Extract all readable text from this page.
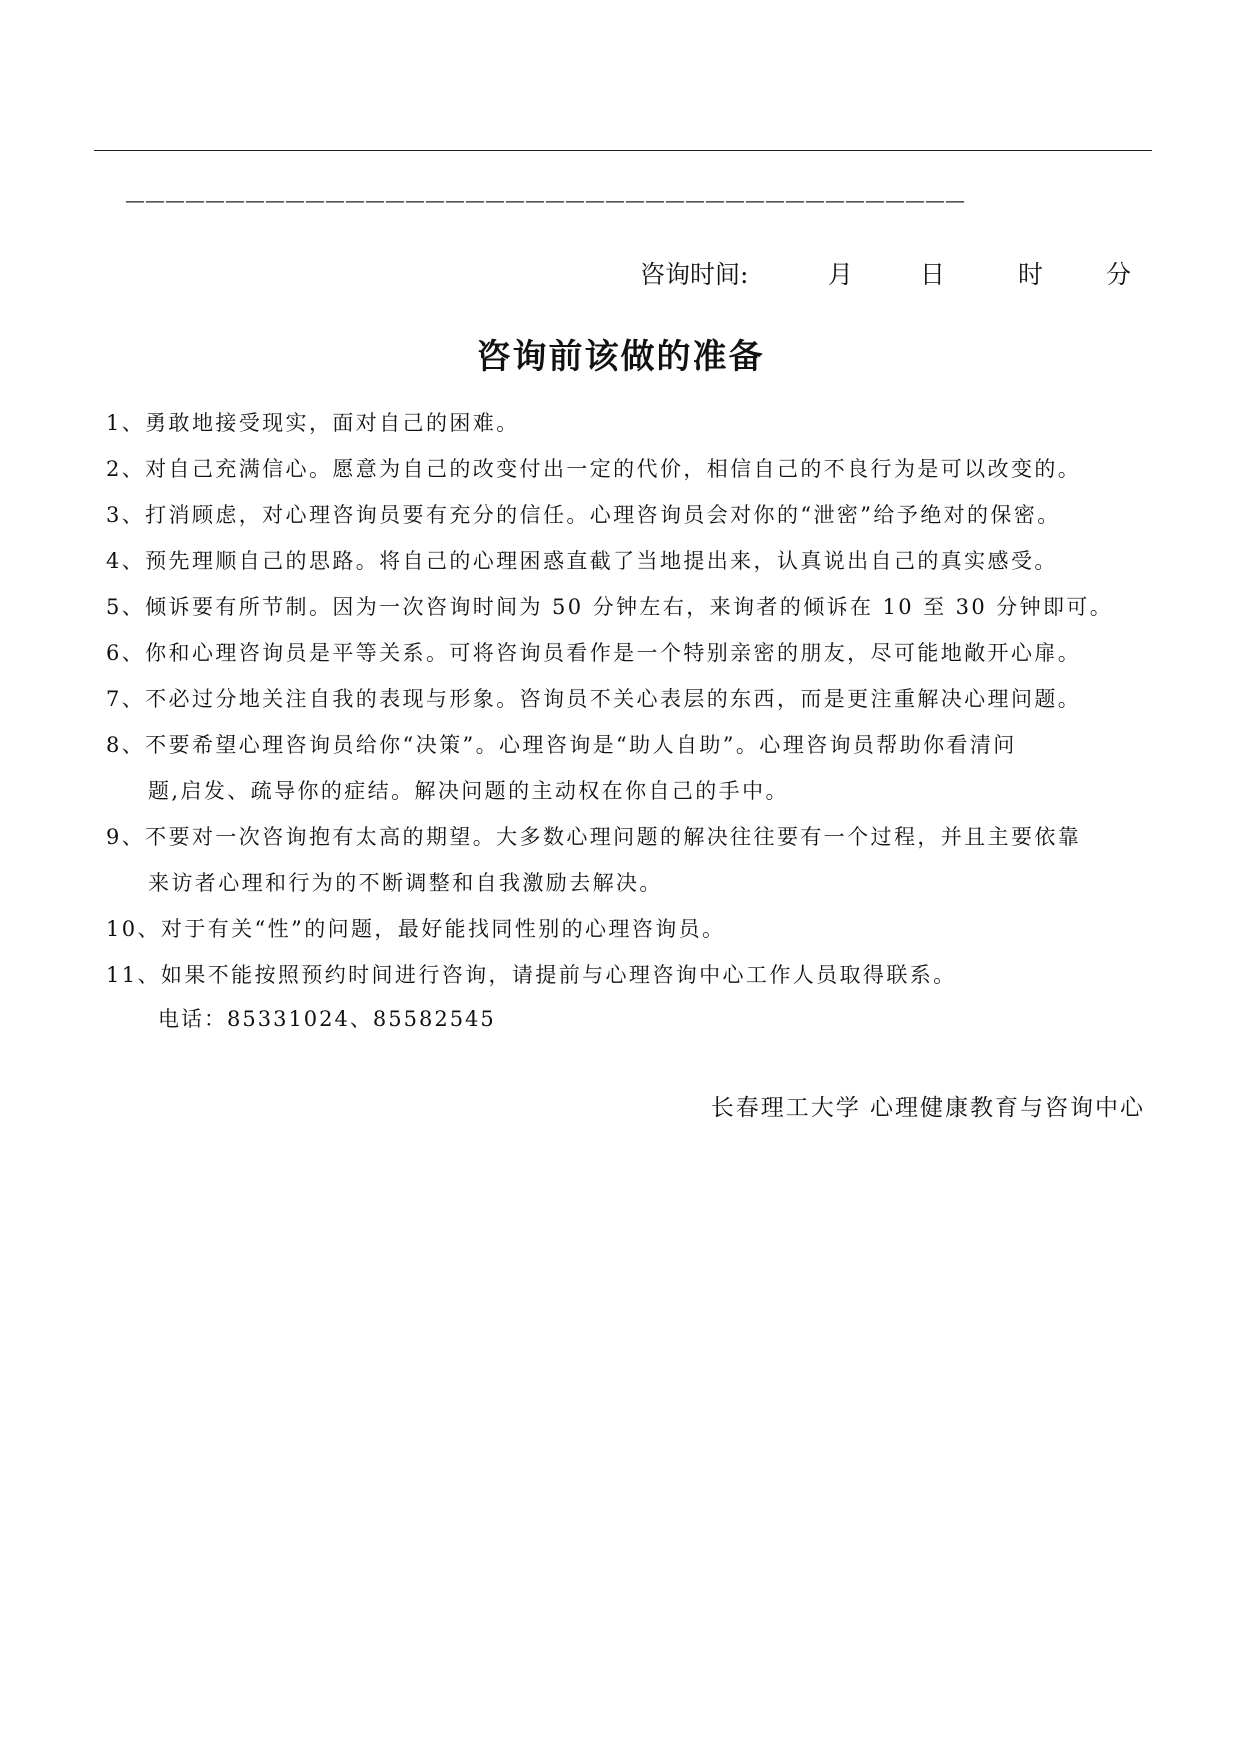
——————————————————————————————————————————
咨询时间:	月	日	时	分
咨询前该做的准备
1、勇敢地接受现实，面对自己的困难。
2、对自己充满信心。愿意为自己的改变付出一定的代价，相信自己的不良行为是可以改变的。
3、打消顾虑，对心理咨询员要有充分的信任。心理咨询员会对你的“泄密”给予绝对的保密。
4、预先理顺自己的思路。将自己的心理困惑直截了当地提出来，认真说出自己的真实感受。
5、倾诉要有所节制。因为一次咨询时间为 50 分钟左右，来询者的倾诉在 10 至 30 分钟即可。
6、你和心理咨询员是平等关系。可将咨询员看作是一个特别亲密的朋友，尽可能地敞开心扉。
7、不必过分地关注自我的表现与形象。咨询员不关心表层的东西，而是更注重解决心理问题。
8、不要希望心理咨询员给你“决策”。心理咨询是“助人自助”。心理咨询员帮助你看清问
题,启发、疏导你的症结。解决问题的主动权在你自己的手中。
9、不要对一次咨询抱有太高的期望。大多数心理问题的解决往往要有一个过程，并且主要依靠
来访者心理和行为的不断调整和自我激励去解决。
10、对于有关“性”的问题，最好能找同性别的心理咨询员。
11、如果不能按照预约时间进行咨询，请提前与心理咨询中心工作人员取得联系。
电话：85331024、85582545
长春理工大学 心理健康教育与咨询中心
